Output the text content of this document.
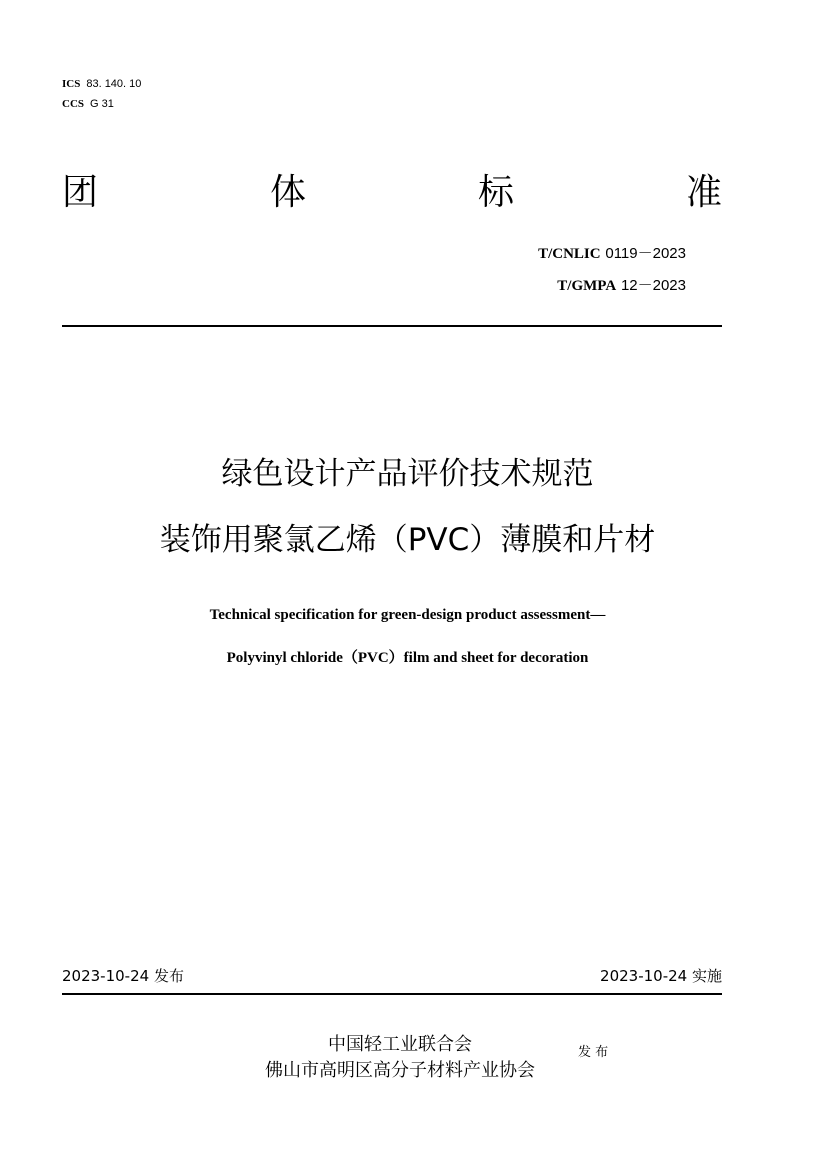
ICS 83. 140. 10
CCS G 31
团	体	标	准
T/CNLIC 0119－2023
T/GMPA 12－2023
绿色设计产品评价技术规范
装饰用聚氯乙烯（PVC）薄膜和片材
Technical specification for green-design product assessment—
Polyvinyl chloride（PVC）film and sheet for decoration
2023-10-24 发布	2023-10-24 实施
中国轻工业联合会
佛山市高明区高分子材料产业协会
发 布
